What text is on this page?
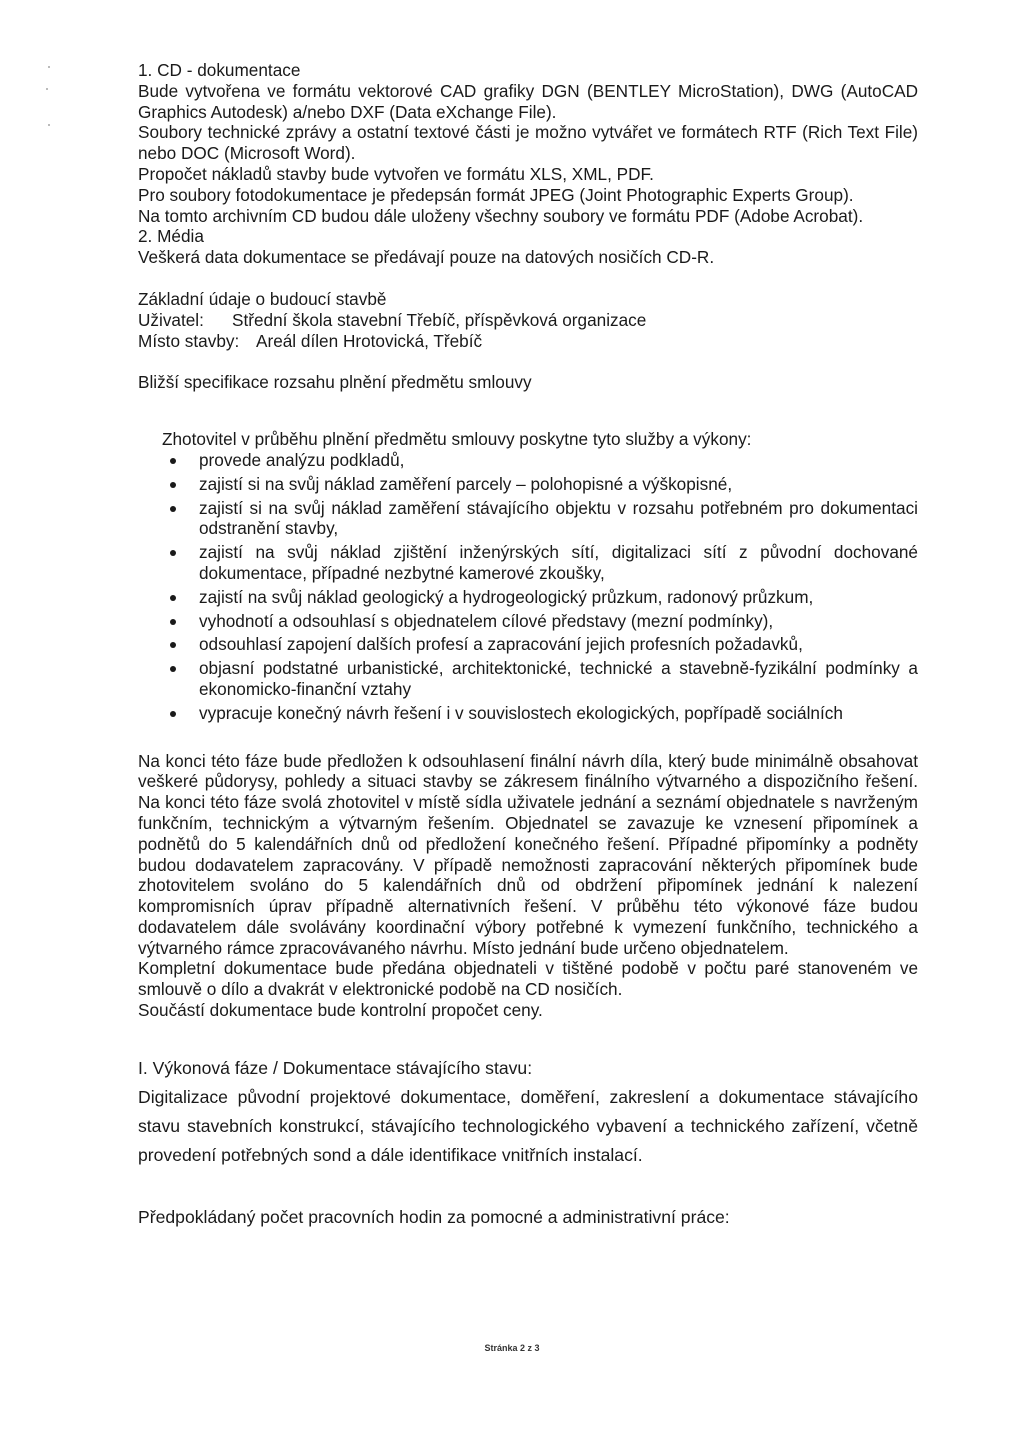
1. CD - dokumentace

Bude vytvořena ve formátu vektorové CAD grafiky DGN (BENTLEY MicroStation), DWG (AutoCAD Graphics Autodesk) a/nebo DXF (Data eXchange File).

Soubory technické zprávy a ostatní textové části je možno vytvářet ve formátech RTF (Rich Text File) nebo DOC (Microsoft Word).

Propočet nákladů stavby bude vytvořen ve formátu XLS, XML, PDF.

Pro soubory fotodokumentace je předepsán formát JPEG (Joint Photographic Experts Group).

Na tomto archivním CD budou dále uloženy všechny soubory ve formátu PDF (Adobe Acrobat).

2. Média

Veškerá data dokumentace se předávají pouze na datových nosičích CD-R.

Základní údaje o budoucí stavbě

Uživatel:	Střední škola stavební Třebíč, příspěvková organizace
Místo stavby: Areál dílen Hrotovická, Třebíč

Bližší specifikace rozsahu plnění předmětu smlouvy

Zhotovitel v průběhu plnění předmětu smlouvy poskytne tyto služby a výkony:

provede analýzu podkladů,
zajistí si na svůj náklad zaměření parcely – polohopisné a výškopisné,
zajistí si na svůj náklad zaměření stávajícího objektu v rozsahu potřebném pro dokumentaci odstranění stavby,
zajistí na svůj náklad zjištění inženýrských sítí, digitalizaci sítí z původní dochované dokumentace, případné nezbytné kamerové zkoušky,
zajistí na svůj náklad geologický a hydrogeologický průzkum, radonový průzkum,
vyhodnotí a odsouhlasí s objednatelem cílové představy (mezní podmínky),
odsouhlasí zapojení dalších profesí a zapracování jejich profesních požadavků,
objasní podstatné urbanistické, architektonické, technické a stavebně-fyzikální podmínky a ekonomicko-finanční vztahy
vypracuje konečný návrh řešení i v souvislostech ekologických, popřípadě sociálních

Na konci této fáze bude předložen k odsouhlasení finální návrh díla, který bude minimálně obsahovat veškeré půdorysy, pohledy a situaci stavby se zákresem finálního výtvarného a dispozičního řešení. Na konci této fáze svolá zhotovitel v místě sídla uživatele jednání a seznámí objednatele s navrženým funkčním, technickým a výtvarným řešením. Objednatel se zavazuje ke vznesení připomínek a podnětů do 5 kalendářních dnů od předložení konečného řešení. Případné připomínky a podněty budou dodavatelem zapracovány. V případě nemožnosti zapracování některých připomínek bude zhotovitelem svoláno do 5 kalendářních dnů od obdržení připomínek jednání k nalezení kompromisních úprav případně alternativních řešení. V průběhu této výkonové fáze budou dodavatelem dále svolávány koordinační výbory potřebné k vymezení funkčního, technického a výtvarného rámce zpracovávaného návrhu. Místo jednání bude určeno objednatelem.

Kompletní dokumentace bude předána objednateli v tištěné podobě v počtu paré stanoveném ve smlouvě o dílo a dvakrát v elektronické podobě na CD nosičích.

Součástí dokumentace bude kontrolní propočet ceny.

I. Výkonová fáze / Dokumentace stávajícího stavu:

Digitalizace původní projektové dokumentace, doměření, zakreslení a dokumentace stávajícího stavu stavebních konstrukcí, stávajícího technologického vybavení a technického zařízení, včetně provedení potřebných sond a dále identifikace vnitřních instalací.

Předpokládaný počet pracovních hodin za pomocné a administrativní práce:

Stránka 2 z 3
